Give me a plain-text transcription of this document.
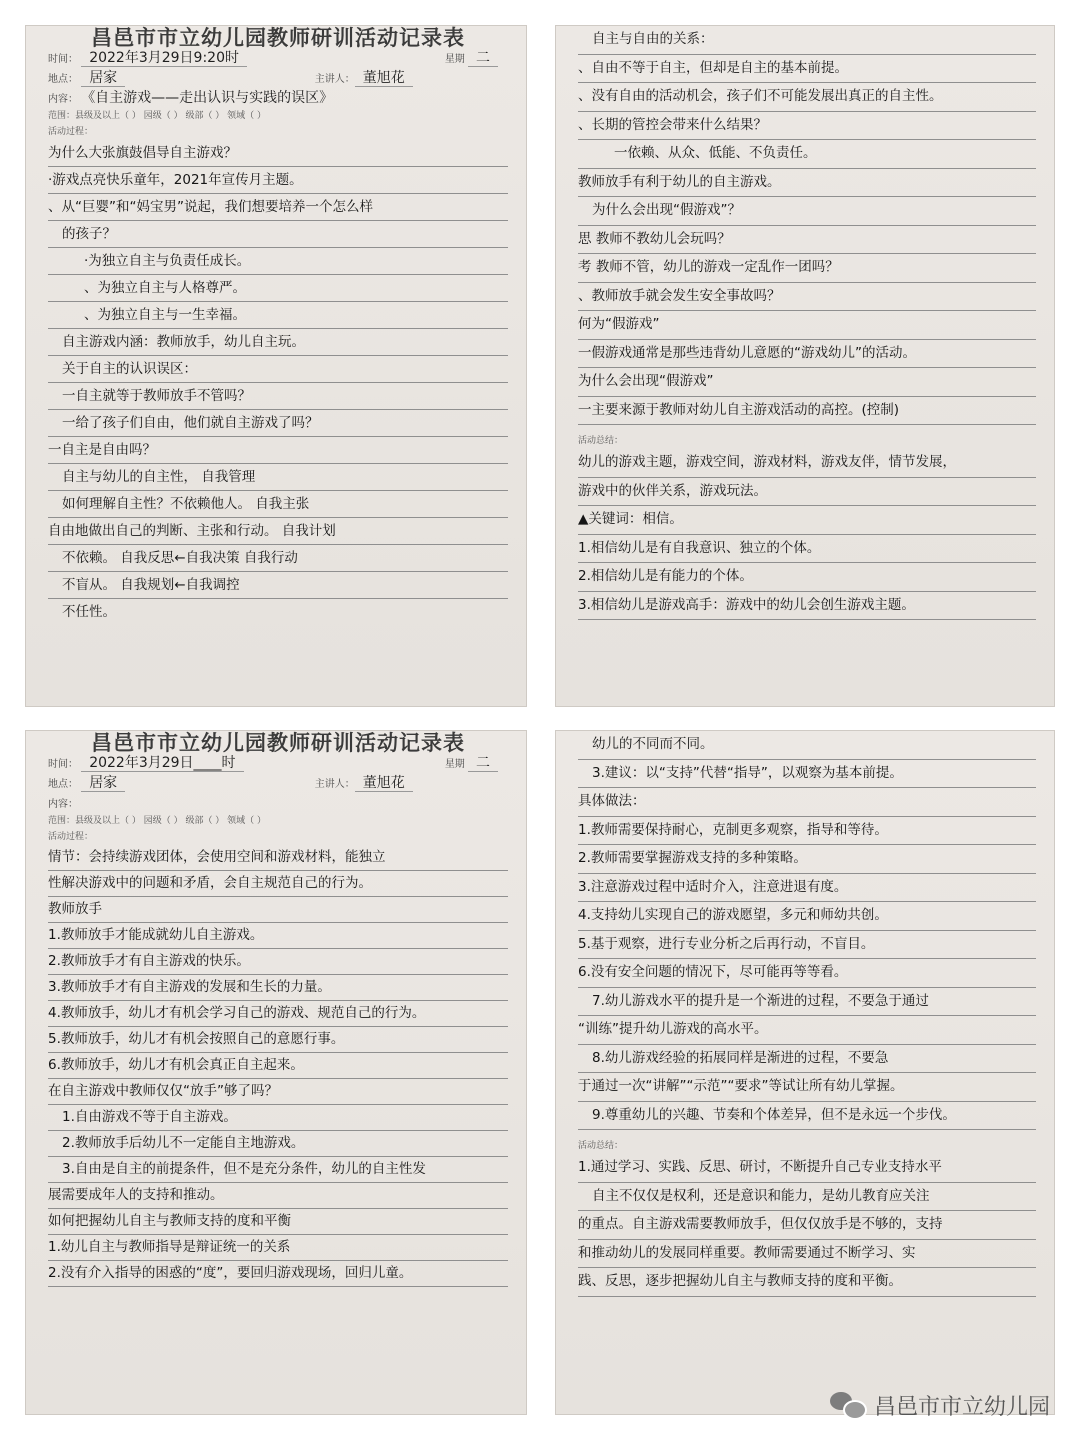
昌邑市市立幼儿园教师研训活动记录表
时间： 2022年3月29日9:20时	星期 二
地点： 居家	主讲人： 董旭花
内容： 《自主游戏——走出认识与实践的误区》
范围：县级及以上（ ） 园级（ ） 级部（ ） 领域（ ）
活动过程：
为什么大张旗鼓倡导自主游戏？
·游戏点亮快乐童年，2021年宣传月主题。
、从“巨婴”和“妈宝男”说起，我们想要培养一个怎么样
的孩子？
·为独立自主与负责任成长。
、为独立自主与人格尊严。
、为独立自主与一生幸福。
自主游戏内涵：教师放手，幼儿自主玩。
关于自主的认识误区：
一自主就等于教师放手不管吗？
一给了孩子们自由，他们就自主游戏了吗？
一自主是自由吗？
自主与幼儿的自主性， 自我管理
如何理解自主性？不依赖他人。 自我主张
自由地做出自己的判断、主张和行动。 自我计划
不依赖。 自我反思←自我决策 自我行动
不盲从。 自我规划←自我调控
不任性。
自主与自由的关系：
、自由不等于自主，但却是自主的基本前提。
、没有自由的活动机会，孩子们不可能发展出真正的自主性。
、长期的管控会带来什么结果？
一依赖、从众、低能、不负责任。
教师放手有利于幼儿的自主游戏。
为什么会出现“假游戏”？
思 教师不教幼儿会玩吗？
考 教师不管，幼儿的游戏一定乱作一团吗？
、教师放手就会发生安全事故吗？
何为“假游戏”
一假游戏通常是那些违背幼儿意愿的“游戏幼儿”的活动。
为什么会出现“假游戏”
一主要来源于教师对幼儿自主游戏活动的高控。(控制)
活动总结：
幼儿的游戏主题，游戏空间，游戏材料，游戏友伴，情节发展，
游戏中的伙伴关系，游戏玩法。
▲关键词：相信。
1.相信幼儿是有自我意识、独立的个体。
2.相信幼儿是有能力的个体。
3.相信幼儿是游戏高手：游戏中的幼儿会创生游戏主题。
昌邑市市立幼儿园教师研训活动记录表
时间： 2022年3月29日____时	星期 二
地点： 居家	主讲人： 董旭花
内容：
范围：县级及以上（ ） 园级（ ） 级部（ ） 领域（ ）
活动过程：
情节：会持续游戏团体，会使用空间和游戏材料，能独立
性解决游戏中的问题和矛盾，会自主规范自己的行为。
教师放手
1.教师放手才能成就幼儿自主游戏。
2.教师放手才有自主游戏的快乐。
3.教师放手才有自主游戏的发展和生长的力量。
4.教师放手，幼儿才有机会学习自己的游戏、规范自己的行为。
5.教师放手，幼儿才有机会按照自己的意愿行事。
6.教师放手，幼儿才有机会真正自主起来。
在自主游戏中教师仅仅“放手”够了吗？
1.自由游戏不等于自主游戏。
2.教师放手后幼儿不一定能自主地游戏。
3.自由是自主的前提条件，但不是充分条件，幼儿的自主性发
展需要成年人的支持和推动。
如何把握幼儿自主与教师支持的度和平衡
1.幼儿自主与教师指导是辩证统一的关系
2.没有介入指导的困惑的“度”，要回归游戏现场，回归儿童。
幼儿的不同而不同。
3.建议：以“支持”代替“指导”，以观察为基本前提。
具体做法：
1.教师需要保持耐心，克制更多观察，指导和等待。
2.教师需要掌握游戏支持的多种策略。
3.注意游戏过程中适时介入，注意进退有度。
4.支持幼儿实现自己的游戏愿望，多元和师幼共创。
5.基于观察，进行专业分析之后再行动，不盲目。
6.没有安全问题的情况下，尽可能再等等看。
7.幼儿游戏水平的提升是一个渐进的过程，不要急于通过
“训练”提升幼儿游戏的高水平。
8.幼儿游戏经验的拓展同样是渐进的过程，不要急
于通过一次“讲解”“示范”“要求”等试让所有幼儿掌握。
9.尊重幼儿的兴趣、节奏和个体差异，但不是永远一个步伐。
活动总结：
1.通过学习、实践、反思、研讨，不断提升自己专业支持水平
自主不仅仅是权利，还是意识和能力，是幼儿教育应关注
的重点。自主游戏需要教师放手，但仅仅放手是不够的，支持
和推动幼儿的发展同样重要。教师需要通过不断学习、实
践、反思，逐步把握幼儿自主与教师支持的度和平衡。
昌邑市市立幼儿园
